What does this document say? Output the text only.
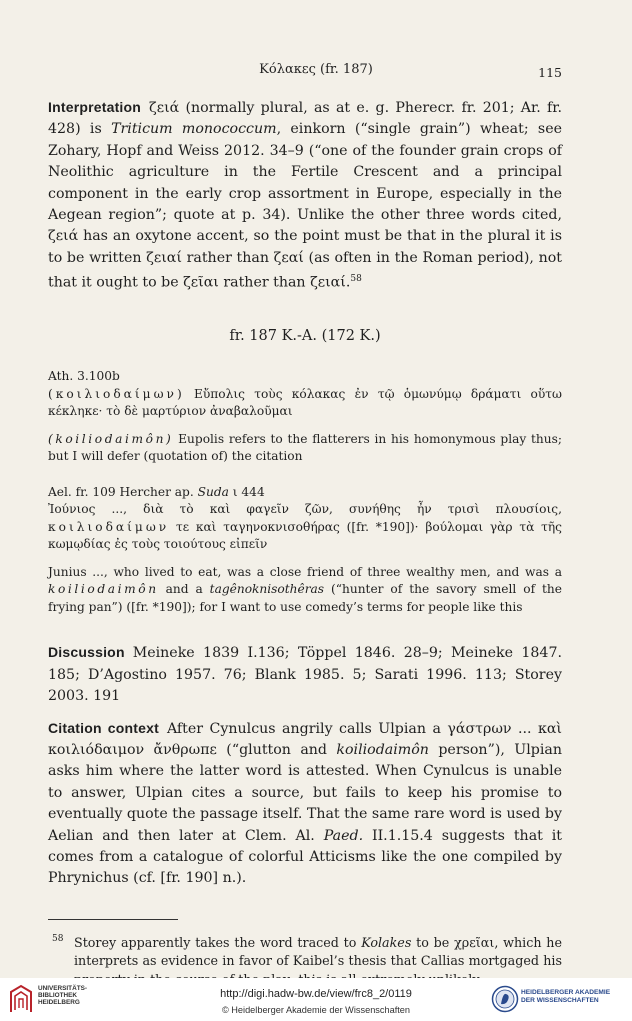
Κόλακες (fr. 187)	115

Interpretation ζειά (normally plural, as at e. g. Pherecr. fr. 201; Ar. fr. 428) is Triticum monococcum, einkorn (“single grain”) wheat; see Zohary, Hopf and Weiss 2012. 34–9 (“one of the founder grain crops of Neolithic agriculture in the Fertile Crescent and a principal component in the early crop assortment in Europe, especially in the Aegean region”; quote at p. 34). Unlike the other three words cited, ζειά has an oxytone accent, so the point must be that in the plural it is to be written ζειαί rather than ζεαί (as often in the Roman period), not that it ought to be ζεῖαι rather than ζειαί.$^{58}$

fr. 187 K.-A. (172 K.)
Ath. 3.100b

(κοιλιοδαίμων) Εὔπολις τοὺς κόλακας ἐν τῷ ὁμωνύμῳ δράματι οὕτω κέκληκε· τὸ δὲ μαρτύριον ἀναβαλοῦμαι

(koiliodaimôn) Eupolis refers to the flatterers in his homonymous play thus; but I will defer (quotation of) the citation

Ael. fr. 109 Hercher ap. Suda ι 444

Ἰούνιος ..., διὰ τὸ καὶ φαγεῖν ζῶν, συνήθης ἦν τρισὶ πλουσίοις, κοιλιοδαίμων τε καὶ ταγηνοκνισοθήρας ([fr. *190])· βούλομαι γὰρ τὰ τῆς κωμῳδίας ἐς τοὺς τοιούτους εἰπεῖν

Junius ..., who lived to eat, was a close friend of three wealthy men, and was a koiliodaimôn and a tagênoknisothêras (“hunter of the savory smell of the frying pan”) ([fr. *190]); for I want to use comedy’s terms for people like this

Discussion Meineke 1839 I.136; Töppel 1846. 28–9; Meineke 1847. 185; D’Agostino 1957. 76; Blank 1985. 5; Sarati 1996. 113; Storey 2003. 191

Citation context After Cynulcus angrily calls Ulpian a γάστρων ... καὶ κοιλιόδαιμον ἄνθρωπε (“glutton and koiliodaimôn person”), Ulpian asks him where the latter word is attested. When Cynulcus is unable to answer, Ulpian cites a source, but fails to keep his promise to eventually quote the passage itself. That the same rare word is used by Aelian and then later at Clem. Al. Paed. II.1.15.4 suggests that it comes from a catalogue of colorful Atticisms like the one compiled by Phrynichus (cf. [fr. 190] n.).

58 Storey apparently takes the word traced to Kolakes to be χρεῖαι, which he interprets as evidence in favor of Kaibel’s thesis that Callias mortgaged his
UNIVERSITÄTS-
BIBLIOTHEK
HEIDELBERG
http://digi.hadw-bw.de/view/frc8_2/0119
© Heidelberger Akademie der Wissenschaften
HEIDELBERGER AKADEMIE
DER WISSENSCHAFTEN
